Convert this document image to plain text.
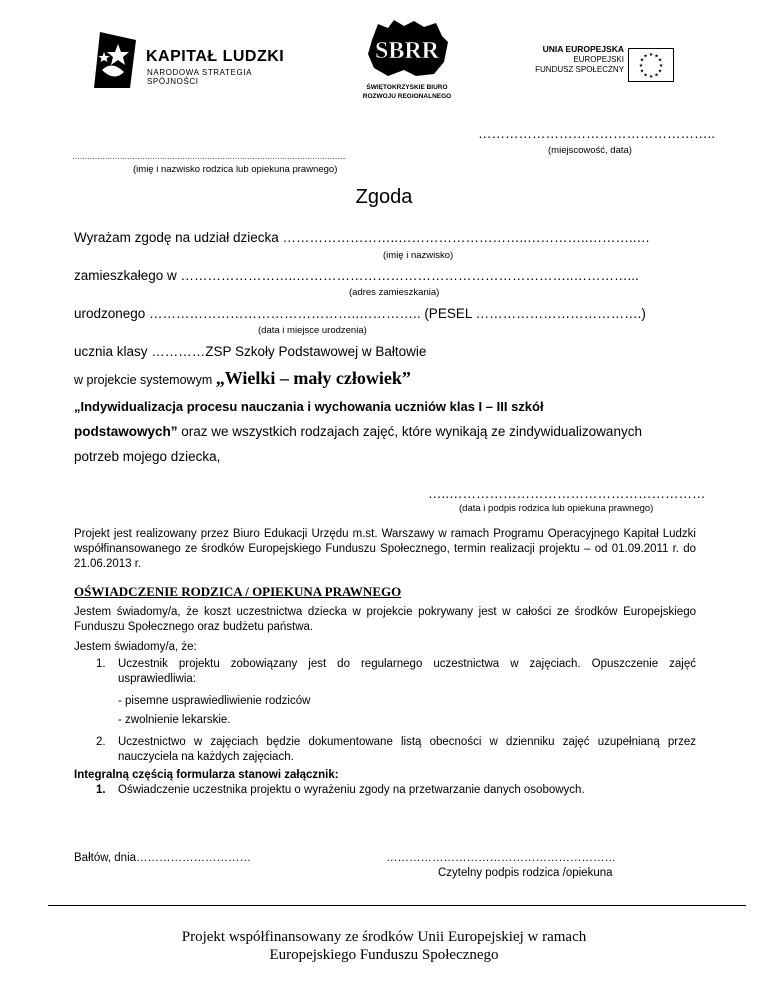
KAPITAŁ LUDZKI
NARODOWA STRATEGIA SPÓJNOŚCI
SBRR
ŚWIĘTOKRZYSKIE BIURO
ROZWOJU REGIONALNEGO
UNIA EUROPEJSKA
EUROPEJSKI
FUNDUSZ SPOŁECZNY
★ ★
★
★
★
★
★
★
★
★
★
★
……………………………………………..
(miejscowość, data)
………………………………………………………………………………………………..
(imię i nazwisko rodzica lub opiekuna prawnego)
Zgoda
Wyrażam zgodę na udział dziecka ……………………..………………………..…………..………..…
(imię i nazwisko)
zamieszkałego w ……………………..……………………………………………………..…………...
(adres zamieszkania)
urodzonego ………………………………………..………….. (PESEL ……………………………….)
(data i miejsce urodzenia)
ucznia klasy …………ZSP Szkoły Podstawowej w Bałtowie
w projekcie systemowym „Wielki – mały człowiek”
„Indywidualizacja procesu nauczania i wychowania uczniów klas I – III szkół
podstawowych” oraz we wszystkich rodzajach zajęć, które wynikają ze zindywidualizowanych
potrzeb mojego dziecka,
…..…………………………………………………
(data i podpis rodzica lub opiekuna prawnego)
Projekt jest realizowany przez Biuro Edukacji Urzędu m.st. Warszawy w ramach Programu Operacyjnego Kapitał Ludzki współfinansowanego ze środków Europejskiego Funduszu Społecznego, termin realizacji projektu – od 01.09.2011 r. do 21.06.2013 r.
OŚWIADCZENIE RODZICA / OPIEKUNA PRAWNEGO
Jestem świadomy/a, że koszt uczestnictwa dziecka w projekcie pokrywany jest w całości ze środków Europejskiego Funduszu Społecznego oraz budżetu państwa.
Jestem świadomy/a, że:
1. Uczestnik projektu zobowiązany jest do regularnego uczestnictwa w zajęciach. Opuszczenie zajęć usprawiedliwia:
- pisemne usprawiedliwienie rodziców
- zwolnienie lekarskie.
2. Uczestnictwo w zajęciach będzie dokumentowane listą obecności w dzienniku zajęć uzupełnianą przez nauczyciela na każdych zajęciach.
Integralną częścią formularza stanowi załącznik:
1. Oświadczenie uczestnika projektu o wyrażeniu zgody na przetwarzanie danych osobowych.
Bałtów, dnia…………………………	……………………………………………………
Czytelny podpis rodzica /opiekuna
Projekt współfinansowany ze środków Unii Europejskiej w ramach
Europejskiego Funduszu Społecznego
